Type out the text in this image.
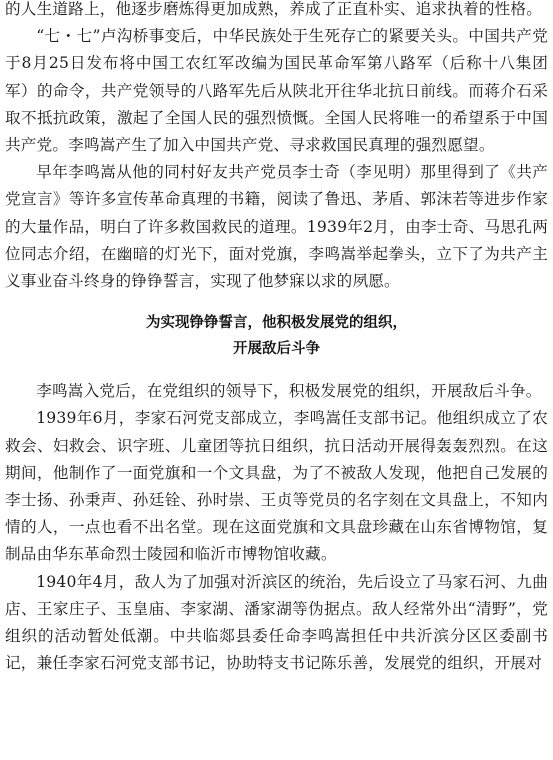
的人生道路上，他逐步磨炼得更加成熟，养成了正直朴实、追求执着的性格。

“七・七”卢沟桥事变后，中华民族处于生死存亡的紧要关头。中国共产党于8月25日发布将中国工农红军改编为国民革命军第八路军（后称十八集团军）的命令，共产党领导的八路军先后从陕北开往华北抗日前线。而蒋介石采取不抵抗政策，激起了全国人民的强烈愤慨。全国人民将唯一的希望系于中国共产党。李鸣嵩产生了加入中国共产党、寻求救国民真理的强烈愿望。

早年李鸣嵩从他的同村好友共产党员李士奇（李见明）那里得到了《共产党宣言》等许多宣传革命真理的书籍，阅读了鲁迅、茅盾、郭沫若等进步作家的大量作品，明白了许多救国救民的道理。1939年2月，由李士奇、马思孔两位同志介绍，在幽暗的灯光下，面对党旗，李鸣嵩举起拳头，立下了为共产主义事业奋斗终身的铮铮誓言，实现了他梦寐以求的夙愿。

为实现铮铮誓言，他积极发展党的组织，
开展敌后斗争

李鸣嵩入党后，在党组织的领导下，积极发展党的组织，开展敌后斗争。

1939年6月，李家石河党支部成立，李鸣嵩任支部书记。他组织成立了农救会、妇救会、识字班、儿童团等抗日组织，抗日活动开展得轰轰烈烈。在这期间，他制作了一面党旗和一个文具盘，为了不被敌人发现，他把自己发展的李士扬、孙秉声、孙廷铨、孙时崇、王贞等党员的名字刻在文具盘上，不知内情的人，一点也看不出名堂。现在这面党旗和文具盘珍藏在山东省博物馆，复制品由华东革命烈士陵园和临沂市博物馆收藏。

1940年4月，敌人为了加强对沂滨区的统治，先后设立了马家石河、九曲店、王家庄子、玉皇庙、李家湖、潘家湖等伪据点。敌人经常外出“清野”，党组织的活动暂处低潮。中共临郯县委任命李鸣嵩担任中共沂滨分区区委副书记，兼任李家石河党支部书记，协助特支书记陈乐善，发展党的组织，开展对
